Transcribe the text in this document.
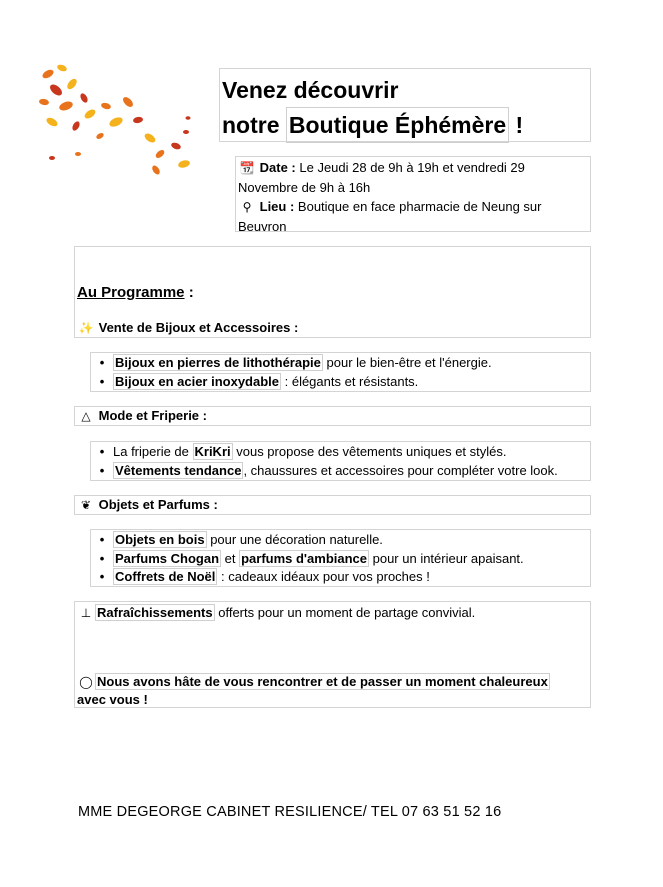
Venez découvrir
notre Boutique Éphémère !
📆 Date : Le Jeudi 28 de 9h à 19h et vendredi 29
Novembre de 9h à 16h
⚲ Lieu : Boutique en face pharmacie de Neung sur
Beuvron
Au Programme :
✨ Vente de Bijoux et Accessoires :
• Bijoux en pierres de lithothérapie pour le bien-être et l'énergie.
• Bijoux en acier inoxydable : élégants et résistants.
△ Mode et Friperie :
• La friperie de KriKri vous propose des vêtements uniques et stylés.
• Vêtements tendance , chaussures et accessoires pour compléter votre look.
❦ Objets et Parfums :
• Objets en bois pour une décoration naturelle.
• Parfums Chogan et parfums d'ambiance pour un intérieur apaisant.
• Coffrets de Noël : cadeaux idéaux pour vos proches !
⊥ Rafraîchissements offerts pour un moment de partage convivial.
◯ Nous avons hâte de vous rencontrer et de passer un moment chaleureux
avec vous !
MME DEGEORGE CABINET RESILIENCE/ TEL 07 63 51 52 16
